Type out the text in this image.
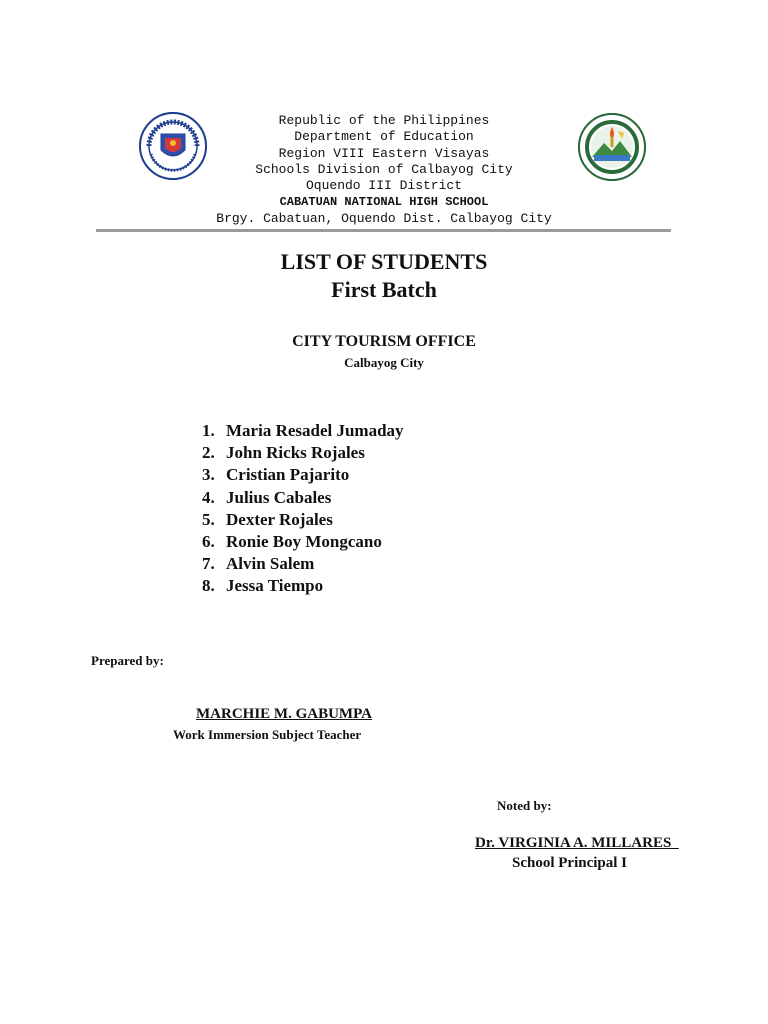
Republic of the Philippines
Department of Education
Region VIII Eastern Visayas
Schools Division of Calbayog City
Oquendo III District
CABATUAN NATIONAL HIGH SCHOOL
Brgy. Cabatuan, Oquendo Dist. Calbayog City
LIST OF STUDENTS
First Batch
CITY TOURISM OFFICE
Calbayog City
1. Maria Resadel Jumaday
2. John Ricks Rojales
3. Cristian Pajarito
4. Julius Cabales
5. Dexter Rojales
6. Ronie Boy Mongcano
7. Alvin Salem
8. Jessa Tiempo
Prepared by:
MARCHIE M. GABUMPA
Work Immersion Subject Teacher
Noted by:
Dr. VIRGINIA A. MILLARES
School Principal I
